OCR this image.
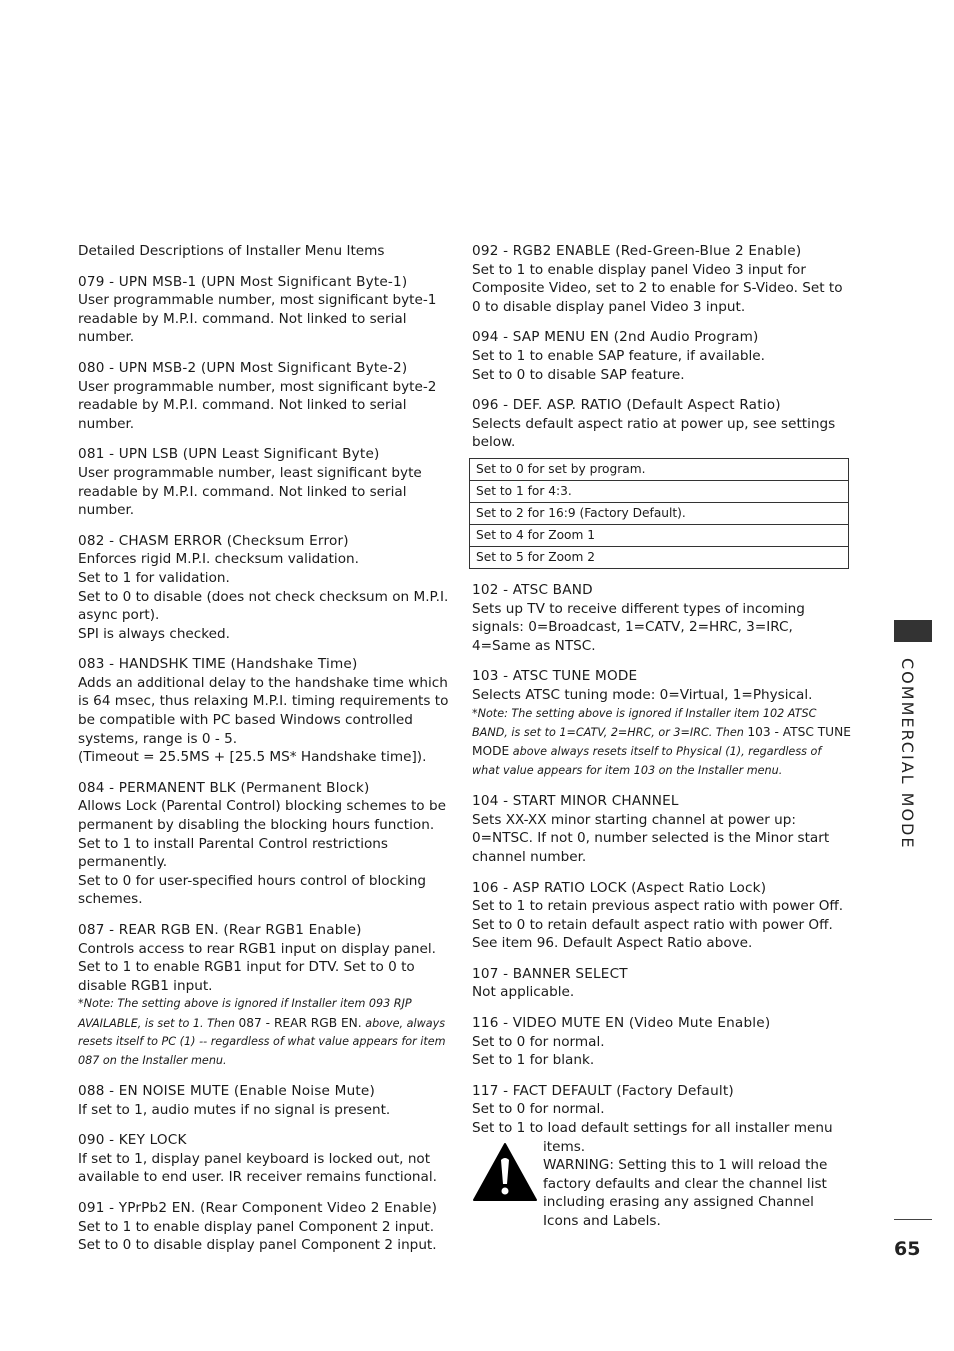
Detailed Descriptions of Installer Menu Items

079 - UPN MSB-1 (UPN Most Significant Byte-1)

User programmable number, most significant byte-1

readable by M.P.I. command. Not linked to serial number.

080 - UPN MSB-2 (UPN Most Significant Byte-2)

User programmable number, most significant byte-2

readable by M.P.I. command. Not linked to serial number.

081 - UPN LSB (UPN Least Significant Byte)

User programmable number, least significant byte

readable by M.P.I. command. Not linked to serial number.

082 - CHASM ERROR (Checksum Error)

Enforces rigid M.P.I. checksum validation.

Set to 1 for validation.

Set to 0 to disable (does not check checksum on M.P.I. async port).

SPI is always checked.

083 - HANDSHK TIME (Handshake Time)

Adds an additional delay to the handshake time which is 64 msec, thus relaxing M.P.I. timing requirements to be compatible with PC based Windows controlled systems, range is 0 - 5.

(Timeout = 25.5MS + [25.5 MS* Handshake time]).

084 - PERMANENT BLK (Permanent Block)

Allows Lock (Parental Control) blocking schemes to be permanent by disabling the blocking hours function.

Set to 1 to install Parental Control restrictions permanently.

Set to 0 for user-specified hours control of blocking schemes.

087 - REAR RGB EN. (Rear RGB1 Enable)

Controls access to rear RGB1 input on display panel.

Set to 1 to enable RGB1 input for DTV. Set to 0 to disable RGB1 input.

*Note: The setting above is ignored if Installer item 093 RJP AVAILABLE, is set to 1. Then 087 - REAR RGB EN. above, always resets itself to PC (1) -- regardless of what value appears for item 087 on the Installer menu.

088 - EN NOISE MUTE (Enable Noise Mute)

If set to 1, audio mutes if no signal is present.

090 - KEY LOCK

If set to 1, display panel keyboard is locked out, not available to end user. IR receiver remains functional.

091 - YPrPb2 EN. (Rear Component Video 2 Enable)

Set to 1 to enable display panel Component 2 input.

Set to 0 to disable display panel Component 2 input.

092 - RGB2 ENABLE (Red-Green-Blue 2 Enable)

Set to 1 to enable display panel Video 3 input for Composite Video, set to 2 to enable for S-Video. Set to 0 to disable display panel Video 3 input.

094 - SAP MENU EN (2nd Audio Program)

Set to 1 to enable SAP feature, if available.

Set to 0 to disable SAP feature.

096 - DEF. ASP. RATIO (Default Aspect Ratio)

Selects default aspect ratio at power up, see settings below.

Set to 0 for set by program.
Set to 1 for 4:3.
Set to 2 for 16:9 (Factory Default).
Set to 4 for Zoom 1
Set to 5 for Zoom 2
102 - ATSC BAND

Sets up TV to receive different types of incoming signals: 0=Broadcast, 1=CATV, 2=HRC, 3=IRC, 4=Same as NTSC.

103 - ATSC TUNE MODE

Selects ATSC tuning mode: 0=Virtual, 1=Physical.

*Note: The setting above is ignored if Installer item 102 ATSC BAND, is set to 1=CATV, 2=HRC, or 3=IRC. Then 103 - ATSC TUNE MODE above always resets itself to Physical (1), regardless of what value appears for item 103 on the Installer menu.

104 - START MINOR CHANNEL

Sets XX-XX minor starting channel at power up:

0=NTSC. If not 0, number selected is the Minor start channel number.

106 - ASP RATIO LOCK (Aspect Ratio Lock)

Set to 1 to retain previous aspect ratio with power Off.

Set to 0 to retain default aspect ratio with power Off.

See item 96. Default Aspect Ratio above.

107 - BANNER SELECT

Not applicable.

116 - VIDEO MUTE EN (Video Mute Enable)

Set to 0 for normal.

Set to 1 for blank.

117 - FACT DEFAULT (Factory Default)

Set to 0 for normal.

Set to 1 to load default settings for all installer menu

items.

WARNING: Setting this to 1 will reload the factory defaults and clear the channel list including erasing any assigned Channel Icons and Labels.

COMMERCIAL MODE
65
